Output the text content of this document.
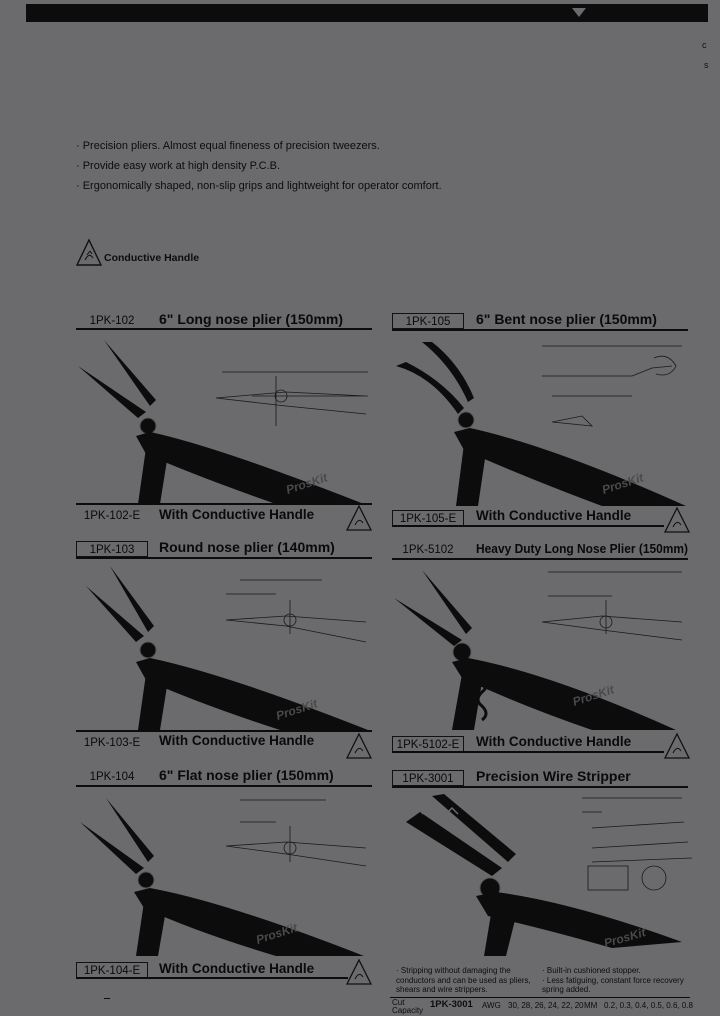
c
s
· Precision pliers. Almost equal fineness of precision tweezers.
· Provide easy work at high density P.C.B.
· Ergonomically shaped, non-slip grips and lightweight for operator comfort.
Conductive Handle
1PK-102	6" Long nose plier (150mm)
ProsKit
1PK-102-E	With Conductive Handle
1PK-105	6" Bent nose plier (150mm)
ProsKit
1PK-105-E	With Conductive Handle
1PK-103	Round nose plier (140mm)
ProsKit
1PK-103-E	With Conductive Handle
1PK-5102	Heavy Duty Long Nose Plier (150mm)
ProsKit
1PK-5102-E	With Conductive Handle
1PK-104	6" Flat nose plier (150mm)
ProsKit
1PK-104-E	With Conductive Handle
1PK-3001	Precision Wire Stripper
ProsKit
· Stripping without damaging the
conductors and can be used as pliers,
shears and wire strippers.
· Built-in cushioned stopper.
· Less fatiguing, constant force recovery
spring added.
Cut
Capacity
1PK-3001 AWG 30, 28, 26, 24, 22, 20 MM 0.2, 0.3, 0.4, 0.5, 0.6, 0.8
